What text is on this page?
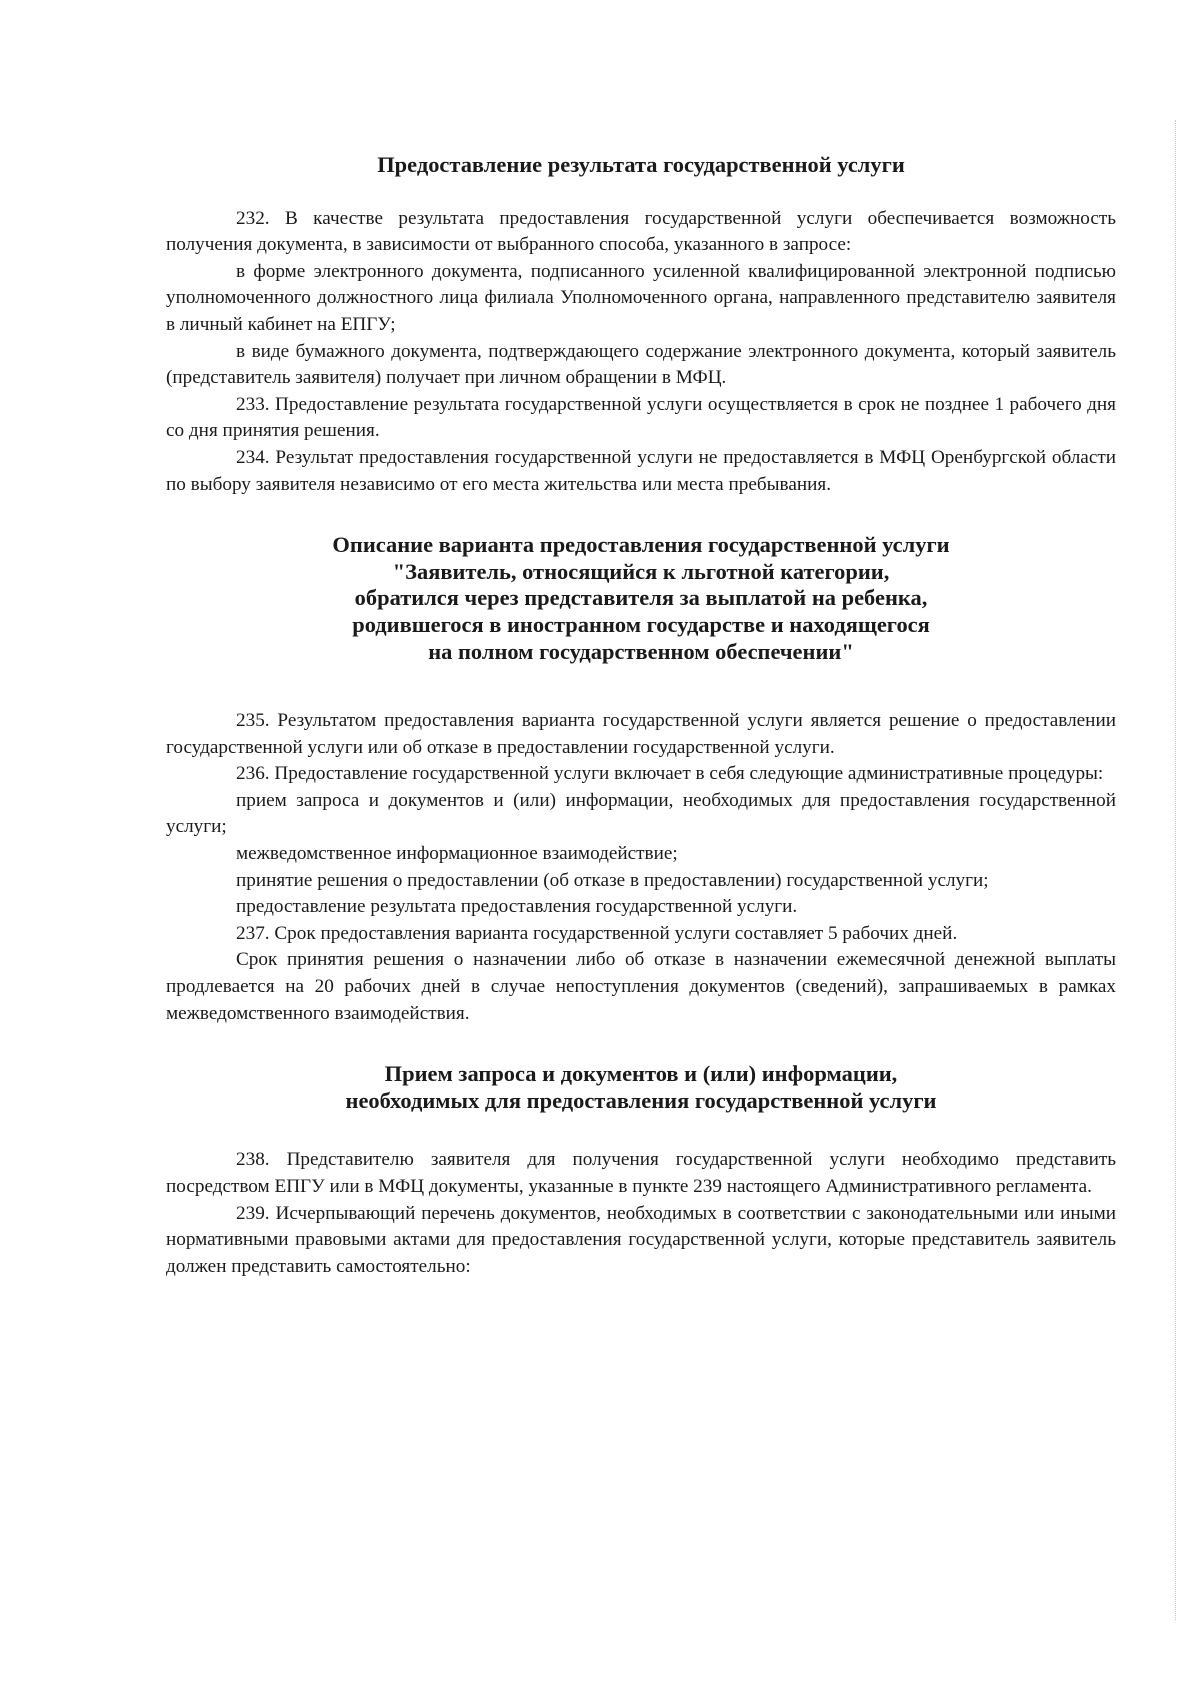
Предоставление результата государственной услуги

232. В качестве результата предоставления государственной услуги обеспечивается возможность получения документа, в зависимости от выбранного способа, указанного в запросе:

в форме электронного документа, подписанного усиленной квалифицированной электронной подписью уполномоченного должностного лица филиала Уполномоченного органа, направленного представителю заявителя в личный кабинет на ЕПГУ;

в виде бумажного документа, подтверждающего содержание электронного документа, который заявитель (представитель заявителя) получает при личном обращении в МФЦ.

233. Предоставление результата государственной услуги осуществляется в срок не позднее 1 рабочего дня со дня принятия решения.

234. Результат предоставления государственной услуги не предоставляется в МФЦ Оренбургской области по выбору заявителя независимо от его места жительства или места пребывания.

Описание варианта предоставления государственной услуги
"Заявитель, относящийся к льготной категории,
обратился через представителя за выплатой на ребенка,
родившегося в иностранном государстве и находящегося
на полном государственном обеспечении"

235. Результатом предоставления варианта государственной услуги является решение о предоставлении государственной услуги или об отказе в предоставлении государственной услуги.

236. Предоставление государственной услуги включает в себя следующие административные процедуры:

прием запроса и документов и (или) информации, необходимых для предоставления государственной услуги;

межведомственное информационное взаимодействие;

принятие решения о предоставлении (об отказе в предоставлении) государственной услуги;

предоставление результата предоставления государственной услуги.

237. Срок предоставления варианта государственной услуги составляет 5 рабочих дней.

Срок принятия решения о назначении либо об отказе в назначении ежемесячной денежной выплаты продлевается на 20 рабочих дней в случае непоступления документов (сведений), запрашиваемых в рамках межведомственного взаимодействия.

Прием запроса и документов и (или) информации,
необходимых для предоставления государственной услуги

238. Представителю заявителя для получения государственной услуги необходимо представить посредством ЕПГУ или в МФЦ документы, указанные в пункте 239 настоящего Административного регламента.

239. Исчерпывающий перечень документов, необходимых в соответствии с законодательными или иными нормативными правовыми актами для предоставления государственной услуги, которые представитель заявитель должен представить самостоятельно:
